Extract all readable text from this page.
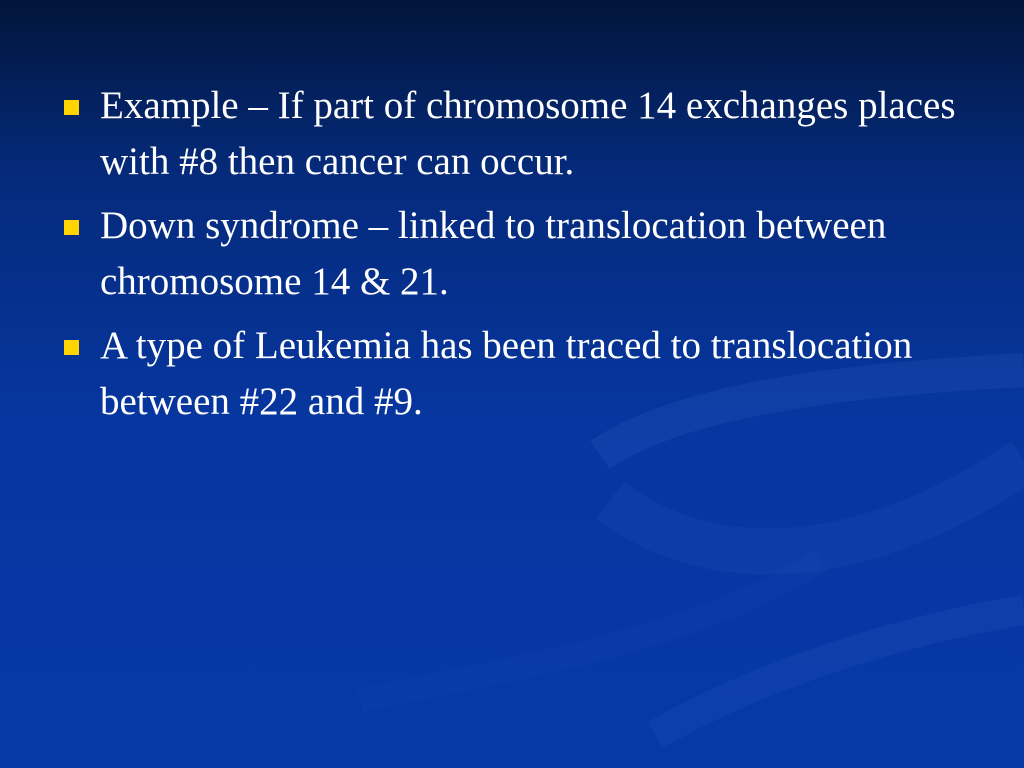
Example – If part of chromosome 14 exchanges places with #8 then cancer can occur.
Down syndrome – linked to translocation between chromosome 14 & 21.
A type of Leukemia has been traced to translocation between #22 and #9.
